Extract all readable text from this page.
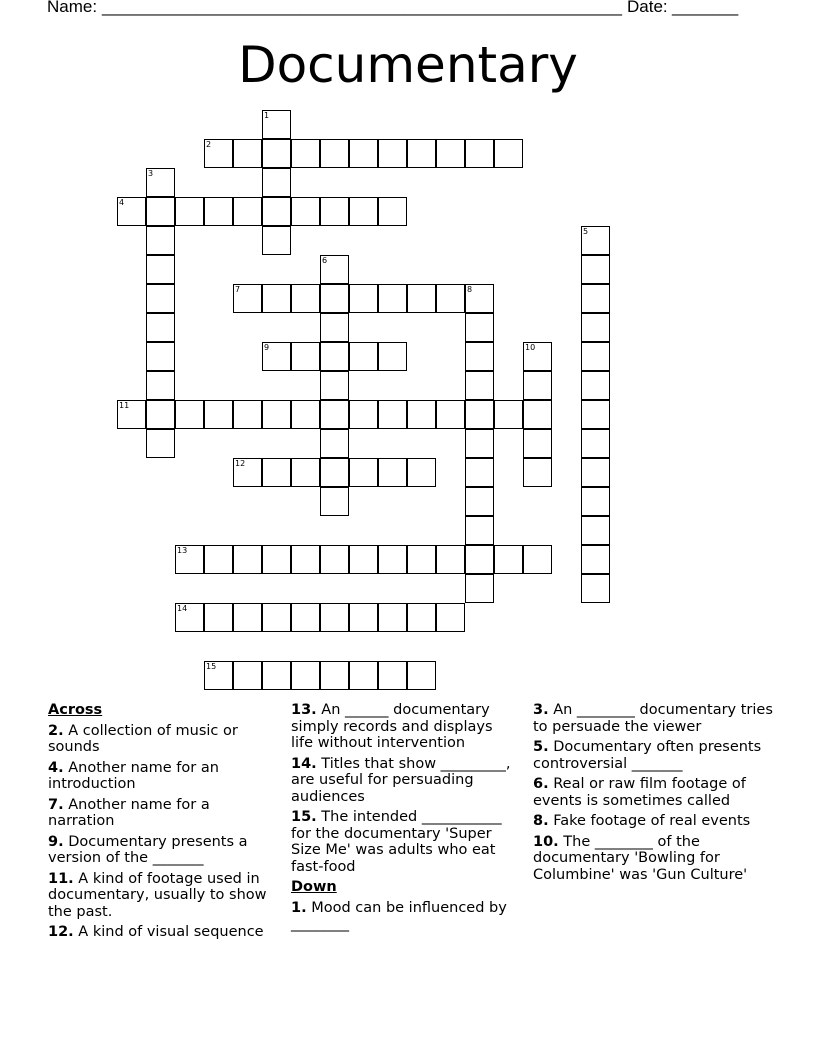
Name: _______________________________________________________ Date: _______
Documentary
1
2
3
4
5
6
7	8
9	10
11
12
13
14
15
Across
2. A collection of music or sounds
4. Another name for an introduction
7. Another name for a narration
9. Documentary presents a version of the _______
11. A kind of footage used in documentary, usually to show the past.
12. A kind of visual sequence
13. An ______ documentary simply records and displays life without intervention
14. Titles that show _________, are useful for persuading audiences
15. The intended ___________ for the documentary 'Super Size Me' was adults who eat fast-food
Down
1. Mood can be influenced by ________
3. An ________ documentary tries to persuade the viewer
5. Documentary often presents controversial _______
6. Real or raw film footage of events is sometimes called
8. Fake footage of real events
10. The ________ of the documentary 'Bowling for Columbine' was 'Gun Culture'
